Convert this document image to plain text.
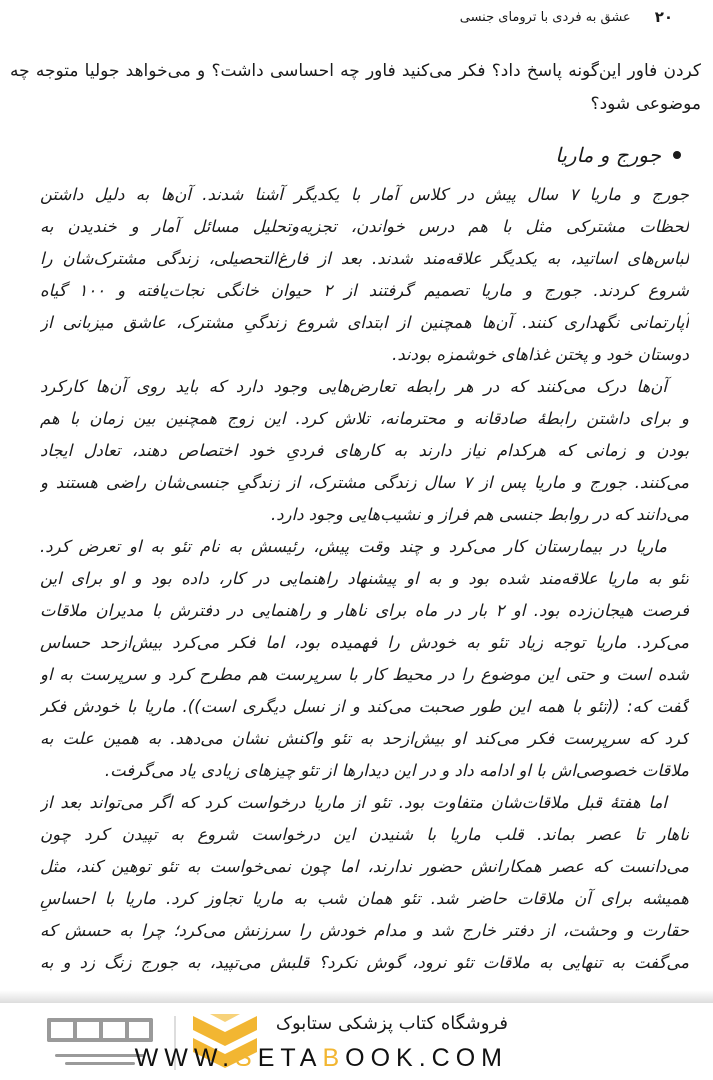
۲۰
عشق به فردی با ترومای جنسی
کردن فاور این‌گونه پاسخ داد؟ فکر می‌کنید فاور چه احساسی داشت؟ و می‌خواهد جولیا متوجه چه
موضوعی شود؟
جورج و ماریا
جورج و ماریا ۷ سال پیش در کلاس آمار با یکدیگر آشنا شدند. آن‌ها به دلیل داشتن
لحظات مشترکی مثل با هم درس خواندن، تجزیه‌وتحلیل مسائل آمار و خندیدن به
لباس‌های اساتید، به یکدیگر علاقه‌مند شدند. بعد از فارغ‌التحصیلی، زندگی مشترک‌شان را
شروع کردند. جورج و ماریا تصمیم گرفتند از ۲ حیوان خانگی نجات‌یافته و ۱۰۰ گیاه
آپارتمانی نگهداری کنند. آن‌ها همچنین از ابتدای شروع زندگیِ مشترک، عاشق میزبانی از
دوستان خود و پختن غذاهای خوشمزه بودند.
آن‌ها درک می‌کنند که در هر رابطه تعارض‌هایی وجود دارد که باید روی آن‌ها کارکرد
و برای داشتن رابطۀ صادقانه و محترمانه، تلاش کرد. این زوج همچنین بین زمان با هم
بودن و زمانی که هرکدام نیاز دارند به کارهای فردیِ خود اختصاص دهند، تعادل ایجاد
می‌کنند. جورج و ماریا پس از ۷ سال زندگی مشترک، از زندگیِ جنسی‌شان راضی هستند و
می‌دانند که در روابط جنسی هم فراز و نشیب‌هایی وجود دارد.
ماریا در بیمارستان کار می‌کرد و چند وقت پیش، رئیسش به نام تئو به او تعرض کرد.
تئو به ماریا علاقه‌مند شده بود و به او پیشنهاد راهنمایی در کار، داده بود و او برای این
فرصت هیجان‌زده بود. او ۲ بار در ماه برای ناهار و راهنمایی در دفترش با مدیران ملاقات
می‌کرد. ماریا توجه زیاد تئو به خودش را فهمیده بود، اما فکر می‌کرد بیش‌ازحد حساس
شده است و حتی این موضوع را در محیط کار با سرپرست هم مطرح کرد و سرپرست به او
گفت که: ((تئو با همه این طور صحبت می‌کند و از نسل دیگری است)). ماریا با خودش فکر
کرد که سرپرست فکر می‌کند او بیش‌ازحد به تئو واکنش نشان می‌دهد. به همین علت به
ملاقات خصوصی‌اش با او ادامه داد و در این دیدارها از تئو چیزهای زیادی یاد می‌گرفت.
اما هفتۀ قبل ملاقات‌شان متفاوت بود. تئو از ماریا درخواست کرد که اگر می‌تواند بعد از
ناهار تا عصر بماند. قلب ماریا با شنیدن این درخواست شروع به تپیدن کرد چون
می‌دانست که عصر همکارانش حضور ندارند، اما چون نمی‌خواست به تئو توهین کند، مثل
همیشه برای آن ملاقات حاضر شد. تئو همان شب به ماریا تجاوز کرد. ماریا با احساسِ
حقارت و وحشت، از دفتر خارج شد و مدام خودش را سرزنش می‌کرد؛ چرا به حسش که
می‌گفت به تنهایی به ملاقات تئو نرود، گوش نکرد؟ قلبش می‌تپید، به جورج زنگ زد و به
فروشگاه کتاب پزشکی ستابوک
WWW.SETABOOK.COM
